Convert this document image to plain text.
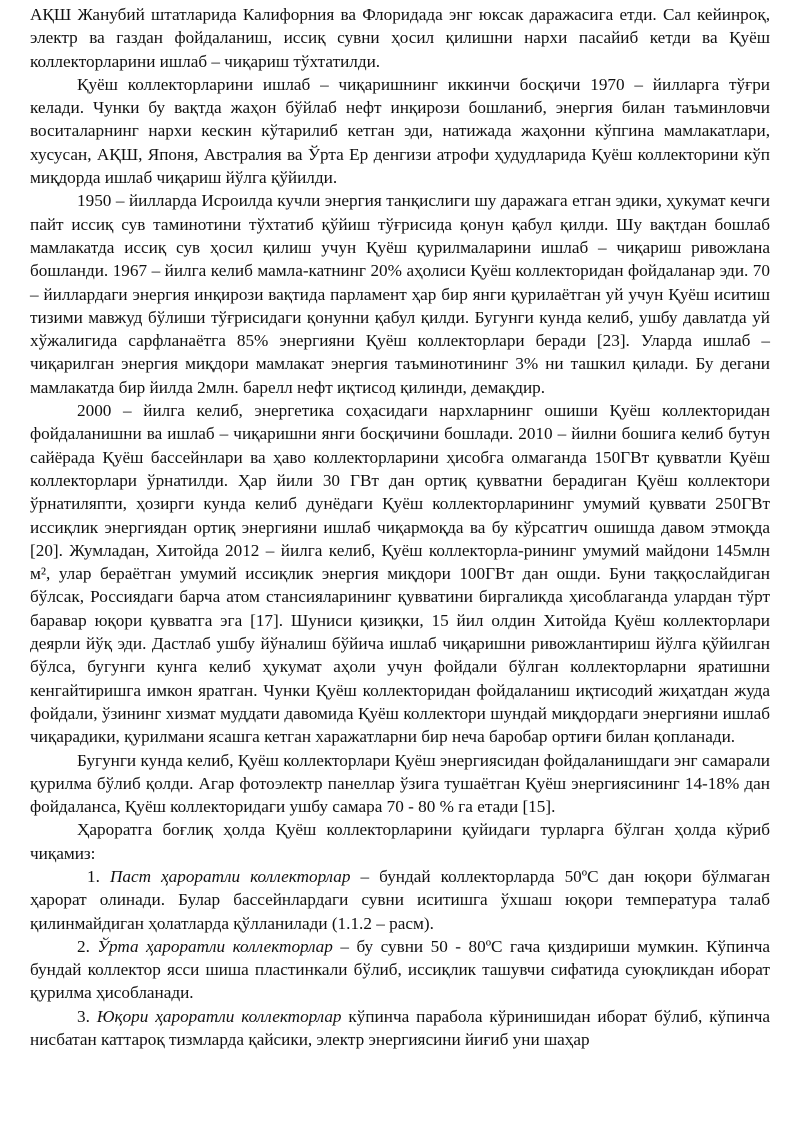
АҚШ Жанубий штатларида Калифорния ва Флоридада энг юксак даражасига етди. Сал кейинроқ, электр ва газдан фойдаланиш, иссиқ сувни ҳосил қилишни нархи пасайиб кетди ва Қуёш коллекторларини ишлаб – чиқариш тўхтатилди.

Қуёш коллекторларини ишлаб – чиқаришнинг иккинчи босқичи 1970 – йилларга тўғри келади. Чунки бу вақтда жаҳон бўйлаб нефт инқирози бошланиб, энергия билан таъминловчи воситаларнинг нархи кескин кўтарилиб кетган эди, натижада жаҳонни кўпгина мамлакатлари, хусусан, АҚШ, Японя, Австралия ва Ўрта Ер денгизи атрофи ҳудудларида Қуёш коллекторини кўп миқдорда ишлаб чиқариш йўлга қўйилди.

1950 – йилларда Исроилда кучли энергия танқислиги шу даражага етган эдики, ҳукумат кечги пайт иссиқ сув таминотини тўхтатиб қўйиш тўғрисида қонун қабул қилди. Шу вақтдан бошлаб мамлакатда иссиқ сув ҳосил қилиш учун Қуёш қурилмаларини ишлаб – чиқариш ривожлана бошланди. 1967 – йилга келиб мамла-катнинг 20% аҳолиси Қуёш коллекторидан фойдаланар эди. 70 – йиллардаги энергия инқирози вақтида парламент ҳар бир янги қурилаётган уй учун Қуёш иситиш тизими мавжуд бўлиши тўғрисидаги қонунни қабул қилди. Бугунги кунда келиб, ушбу давлатда уй хўжалигида сарфланаётга 85% энергияни Қуёш коллекторлари беради [23]. Уларда ишлаб – чиқарилган энергия миқдори мамлакат энергия таъминотининг 3% ни ташкил қилади. Бу дегани мамлакатда бир йилда 2млн. барелл нефт иқтисод қилинди, демақдир.

2000 – йилга келиб, энергетика соҳасидаги нархларнинг ошиши Қуёш коллекторидан фойдаланишни ва ишлаб – чиқаришни янги босқичини бошлади. 2010 – йилни бошига келиб бутун сайёрада Қуёш бассейнлари ва ҳаво коллекторларини ҳисобга олмаганда 150ГВт қувватли Қуёш коллекторлари ўрнатилди. Ҳар йили 30 ГВт дан ортиқ қувватни берадиган Қуёш коллектори ўрнатиляпти, ҳозирги кунда келиб дунёдаги Қуёш коллекторларининг умумий қуввати 250ГВт иссиқлик энергиядан ортиқ энергияни ишлаб чиқармоқда ва бу кўрсатгич ошишда давом этмоқда [20]. Жумладан, Хитойда 2012 – йилга келиб, Қуёш коллекторла-рининг умумий майдони 145млн м², улар бераётган умумий иссиқлик энергия миқдори 100ГВт дан ошди. Буни таққослайдиган бўлсак, Россиядаги барча атом стансияларининг қувватини биргаликда ҳисоблаганда улардан тўрт баравар юқори қувватга эга [17]. Шуниси қизиқки, 15 йил олдин Хитойда Қуёш коллекторлари деярли йўқ эди. Дастлаб ушбу йўналиш бўйича ишлаб чиқаришни ривожлантириш йўлга қўйилган бўлса, бугунги кунга келиб ҳукумат аҳоли учун фойдали бўлган коллекторларни яратишни кенгайтиришга имкон яратган. Чунки Қуёш коллекторидан фойдаланиш иқтисодий жиҳатдан жуда фойдали, ўзининг хизмат муддати давомида Қуёш коллектори шундай миқдордаги энергияни ишлаб чиқарадики, қурилмани ясашга кетган харажатларни бир неча баробар ортиғи билан қопланади.

Бугунги кунда келиб, Қуёш коллекторлари Қуёш энергиясидан фойдаланишдаги энг самарали қурилма бўлиб қолди. Агар фотоэлектр панеллар ўзига тушаётган Қуёш энергиясининг 14-18% дан фойдаланса, Қуёш коллекторидаги ушбу самара 70 - 80 % га етади [15].

Ҳароратга боғлиқ ҳолда Қуёш коллекторларини қуйидаги турларга бўлган ҳолда кўриб чиқамиз:

1. Паст ҳароратли коллекторлар – бундай коллекторларда 50ºС дан юқори бўлмаган ҳарорат олинади. Булар бассейнлардаги сувни иситишга ўхшаш юқори температура талаб қилинмайдиган ҳолатларда қўлланилади (1.1.2 – расм).

2. Ўрта ҳароратли коллекторлар – бу сувни 50 - 80ºС гача қиздириши мумкин. Кўпинча бундай коллектор ясси шиша пластинкали бўлиб, иссиқлик ташувчи сифатида суюқликдан иборат қурилма ҳисобланади.

3. Юқори ҳароратли коллекторлар кўпинча парабола кўринишидан иборат бўлиб, кўпинча нисбатан каттароқ тизмларда қайсики, электр энергиясини йиғиб уни шаҳар
